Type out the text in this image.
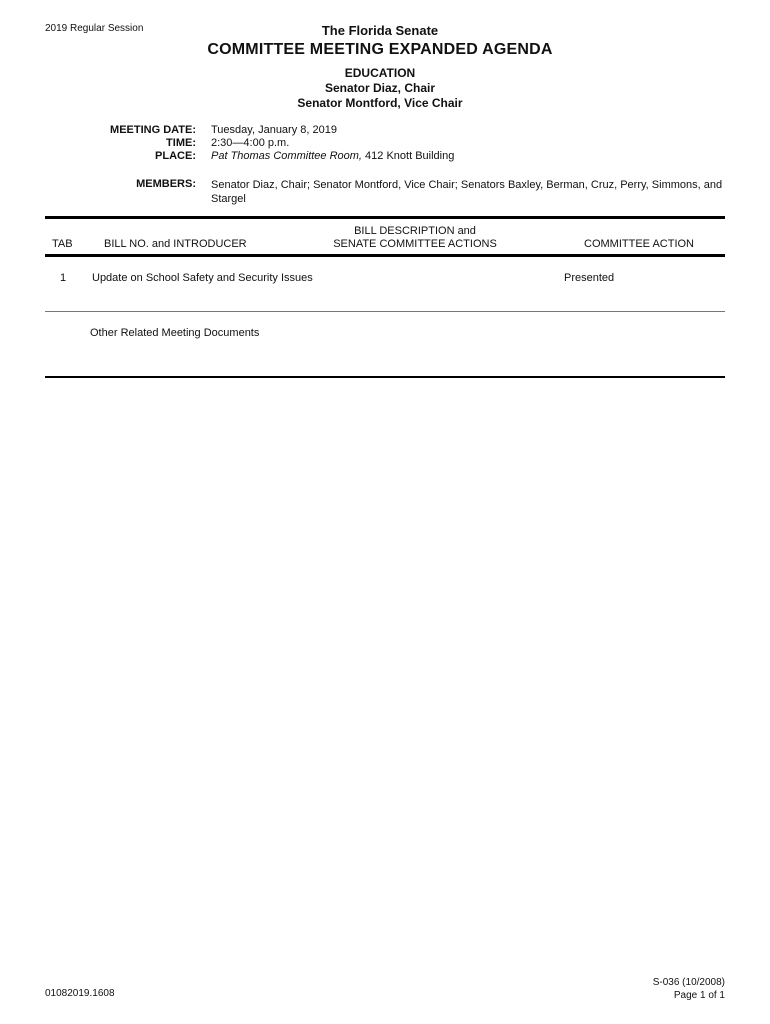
2019 Regular Session	The Florida Senate
COMMITTEE MEETING EXPANDED AGENDA
EDUCATION
Senator Diaz, Chair
Senator Montford, Vice Chair
MEETING DATE: Tuesday, January 8, 2019
TIME: 2:30—4:00 p.m.
PLACE: Pat Thomas Committee Room, 412 Knott Building
MEMBERS: Senator Diaz, Chair; Senator Montford, Vice Chair; Senators Baxley, Berman, Cruz, Perry, Simmons, and Stargel
TAB	BILL NO. and INTRODUCER
BILL DESCRIPTION and
SENATE COMMITTEE ACTIONS	COMMITTEE ACTION
1 Update on School Safety and Security Issues	Presented
Other Related Meeting Documents
01082019.1608
S-036 (10/2008)
Page 1 of 1
